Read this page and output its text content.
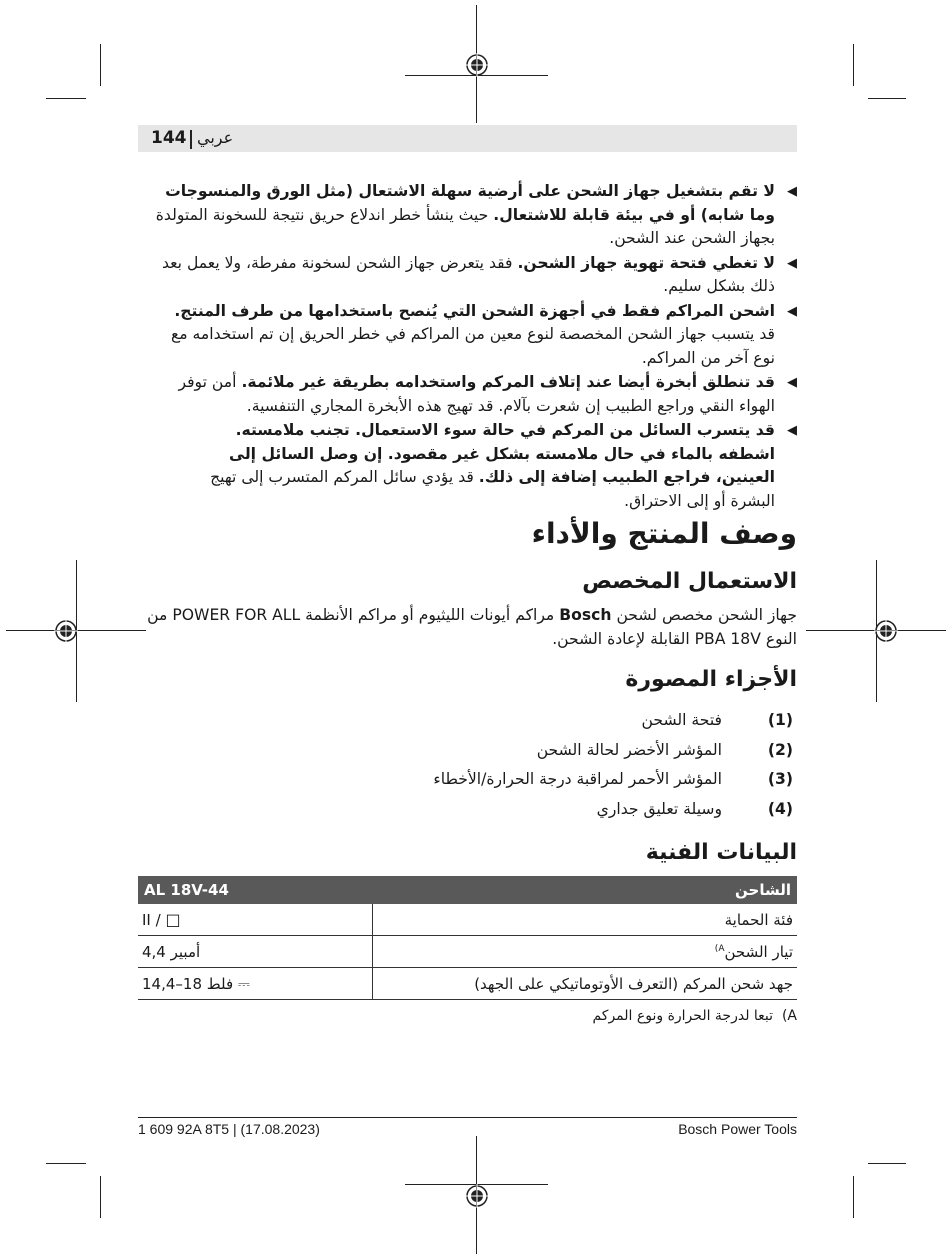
144 عربي
◀
لا تقم بتشغيل جهاز الشحن على أرضية سهلة الاشتعال (مثل الورق والمنسوجات وما شابه) أو في بيئة قابلة للاشتعال. حيث ينشأ خطر اندلاع حريق نتيجة للسخونة المتولدة بجهاز الشحن عند الشحن.
◀
لا تغطي فتحة تهوية جهاز الشحن. فقد يتعرض جهاز الشحن لسخونة مفرطة، ولا يعمل بعد ذلك بشكل سليم.
◀
اشحن المراكم فقط في أجهزة الشحن التي يُنصح باستخدامها من طرف المنتج. قد يتسبب جهاز الشحن المخصصة لنوع معين من المراكم في خطر الحريق إن تم استخدامه مع نوع آخر من المراكم.
◀
قد تنطلق أبخرة أيضا عند إتلاف المركم واستخدامه بطريقة غير ملائمة. أمن توفر الهواء النقي وراجع الطبيب إن شعرت بآلام. قد تهيج هذه الأبخرة المجاري التنفسية.
◀
قد يتسرب السائل من المركم في حالة سوء الاستعمال. تجنب ملامسته. اشطفه بالماء في حال ملامسته بشكل غير مقصود. إن وصل السائل إلى العينين، فراجع الطبيب إضافة إلى ذلك. قد يؤدي سائل المركم المتسرب إلى تهيج البشرة أو إلى الاحتراق.
وصف المنتج والأداء
الاستعمال المخصص
جهاز الشحن مخصص لشحن Bosch مراكم أيونات الليثيوم أو مراكم الأنظمة POWER FOR ALL من النوع PBA 18V القابلة لإعادة الشحن.
الأجزاء المصورة
(1)
فتحة الشحن
(2)
المؤشر الأخضر لحالة الشحن
(3)
المؤشر الأحمر لمراقبة درجة الحرارة/الأخطاء
(4)
وسيلة تعليق جداري
البيانات الفنية
AL 18V-44	الشاحن
II / □	فئة الحماية
4,4 أمبير	تيار الشحن$^{A)}$
14,4–18 فلط ⎓	جهد شحن المركم (التعرف الأوتوماتيكي على الجهد)
A)  تبعا لدرجة الحرارة ونوع المركم
1 609 92A 8T5 | (17.08.2023)	Bosch Power Tools
